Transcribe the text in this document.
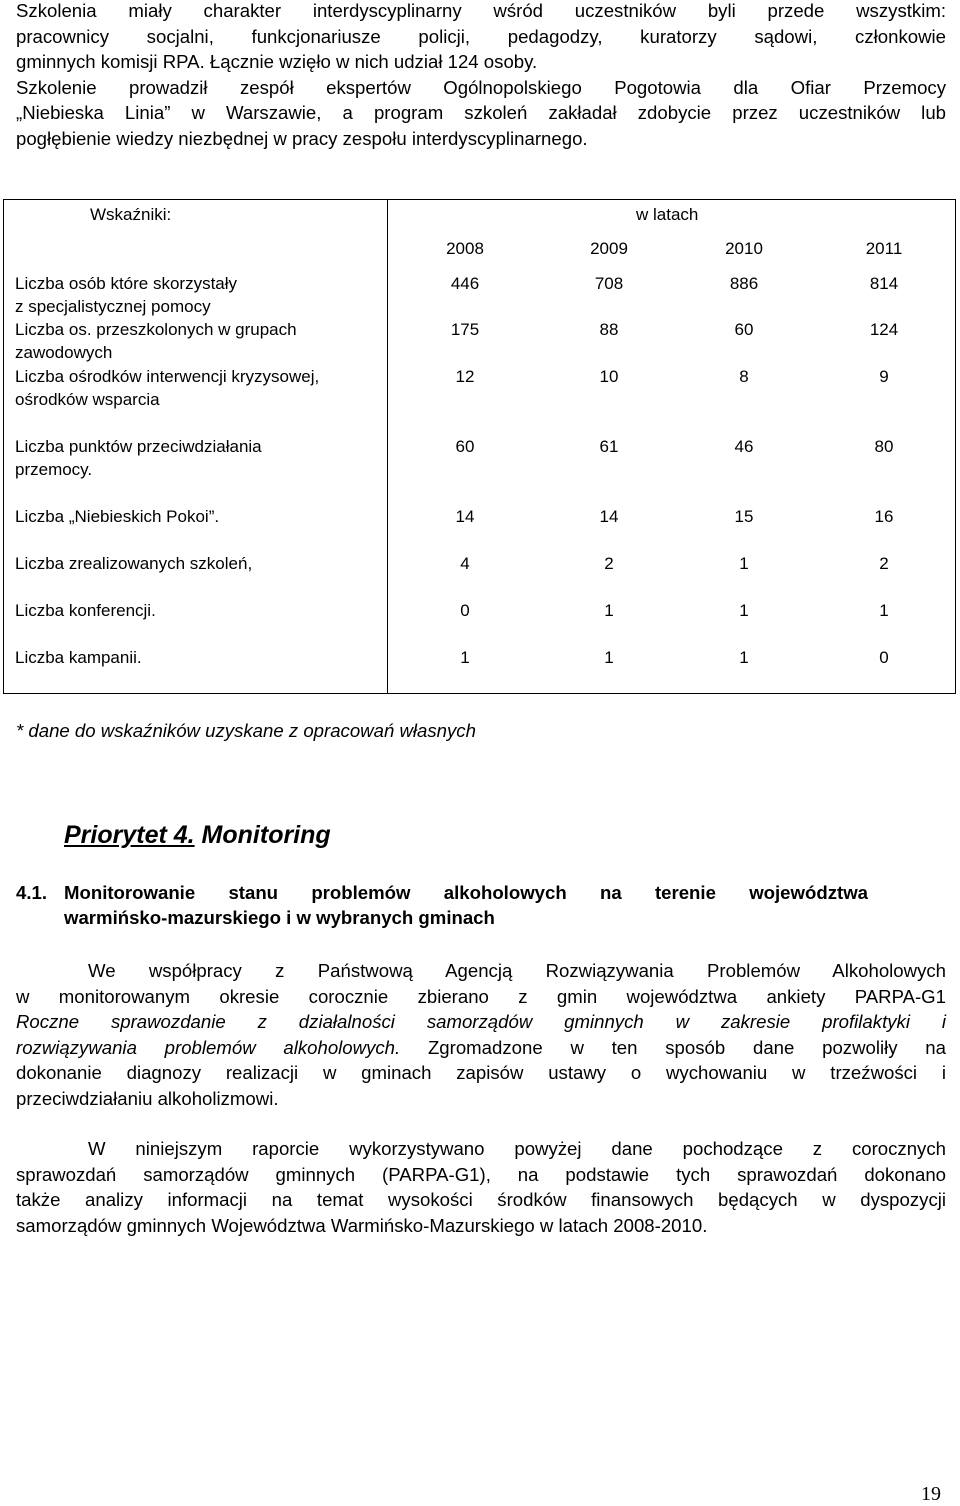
Szkolenia miały charakter interdyscyplinarny wśród uczestników byli przede wszystkim:
pracownicy socjalni, funkcjonariusze policji, pedagodzy, kuratorzy sądowi, członkowie
gminnych komisji RPA. Łącznie wzięło w nich udział 124 osoby.
Szkolenie prowadził zespół ekspertów Ogólnopolskiego Pogotowia dla Ofiar Przemocy
„Niebieska Linia” w Warszawie, a program szkoleń zakładał zdobycie przez uczestników lub
pogłębienie wiedzy niezbędnej w pracy zespołu interdyscyplinarnego.
Wskaźniki:	w latach
2008	2009	2010	2011
Liczba osób które skorzystały
z specjalistycznej pomocy
446	708	886	814
Liczba os. przeszkolonych w grupach
zawodowych
175	88	60	124
Liczba ośrodków interwencji kryzysowej,
ośrodków wsparcia
12	10	8	9
Liczba punktów przeciwdziałania
przemocy.
60	61	46	80
Liczba „Niebieskich Pokoi”.	14	14	15	16
Liczba zrealizowanych szkoleń,	4	2	1	2
Liczba konferencji.	0	1	1	1
Liczba kampanii.	1	1	1	0
* dane do wskaźników uzyskane z opracowań własnych
Priorytet 4. Monitoring
4.1. Monitorowanie stanu problemów alkoholowych na terenie województwa
warmińsko-mazurskiego i w wybranych gminach
We współpracy z Państwową Agencją Rozwiązywania Problemów Alkoholowych
w monitorowanym okresie corocznie zbierano z gmin województwa ankiety PARPA-G1
Roczne sprawozdanie z działalności samorządów gminnych w zakresie profilaktyki i
rozwiązywania problemów alkoholowych. Zgromadzone w ten sposób dane pozwoliły na
dokonanie diagnozy realizacji w gminach zapisów ustawy o wychowaniu w trzeźwości i
przeciwdziałaniu alkoholizmowi.
W niniejszym raporcie wykorzystywano powyżej dane pochodzące z corocznych
sprawozdań samorządów gminnych (PARPA-G1), na podstawie tych sprawozdań dokonano
także analizy informacji na temat wysokości środków finansowych będących w dyspozycji
samorządów gminnych Województwa Warmińsko-Mazurskiego w latach 2008-2010.
19
